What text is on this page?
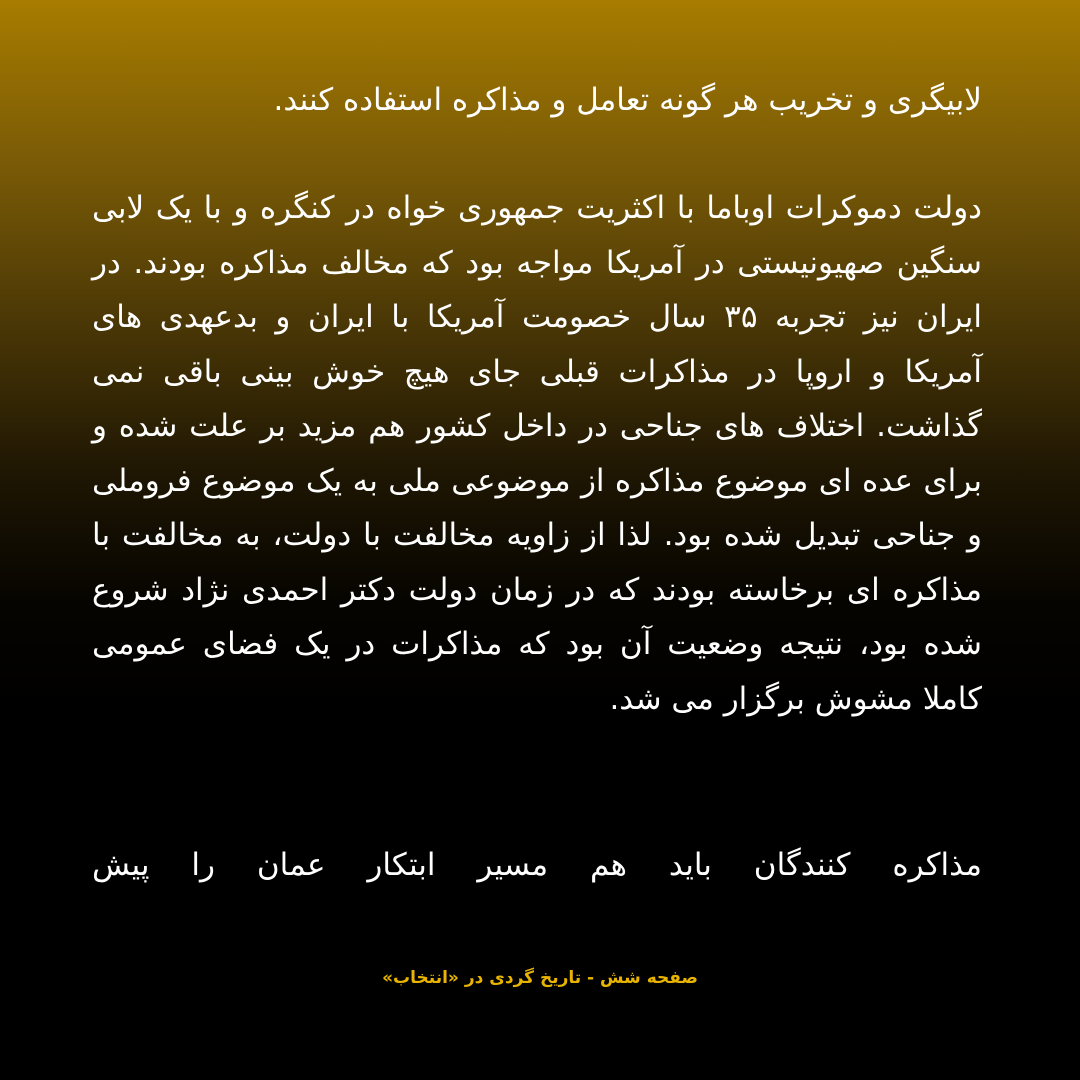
لابیگری و تخریب هر گونه تعامل و مذاکره استفاده کنند.

دولت دموکرات اوباما با اکثریت جمهوری خواه در کنگره و با یک لابی سنگین صهیونیستی در آمریکا مواجه بود که مخالف مذاکره بودند. در ایران نیز تجربه ۳۵ سال خصومت آمریکا با ایران و بدعهدی های آمریکا و اروپا در مذاکرات قبلی جای هیچ خوش بینی باقی نمی گذاشت. اختلاف های جناحی در داخل کشور هم مزید بر علت شده و برای عده ای موضوع مذاکره از موضوعی ملی به یک موضوع فروملی و جناحی تبدیل شده بود. لذا از زاویه مخالفت با دولت، به مخالفت با مذاکره ای برخاسته بودند که در زمان دولت دکتر احمدی نژاد شروع شده بود، نتیجه وضعیت آن بود که مذاکرات در یک فضای عمومی کاملا مشوش برگزار می شد.

مذاکره کنندگان باید هم مسیر ابتکار عمان را پیش

صفحه شش - تاریخ گردی در «انتخاب»
